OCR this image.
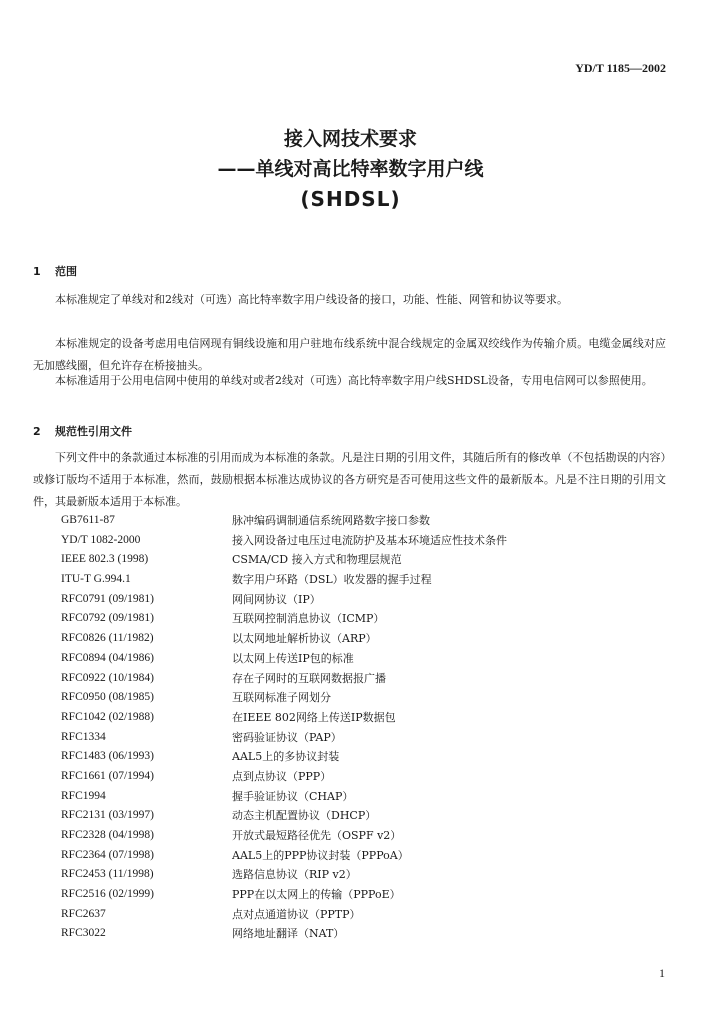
YD/T 1185—2002
接入网技术要求
——单线对高比特率数字用户线
(SHDSL)
1 范围

本标准规定了单线对和2线对（可选）高比特率数字用户线设备的接口，功能、性能、网管和协议等要求。

本标准规定的设备考虑用电信网现有铜线设施和用户驻地布线系统中混合线规定的金属双绞线作为传输介质。电缆金属线对应无加感线圈，但允许存在桥接抽头。

本标准适用于公用电信网中使用的单线对或者2线对（可选）高比特率数字用户线SHDSL设备，专用电信网可以参照使用。

2 规范性引用文件

下列文件中的条款通过本标准的引用而成为本标准的条款。凡是注日期的引用文件，其随后所有的修改单（不包括勘误的内容）或修订版均不适用于本标准，然而，鼓励根据本标准达成协议的各方研究是否可使用这些文件的最新版本。凡是不注日期的引用文件，其最新版本适用于本标准。

GB7611-87	脉冲编码调制通信系统网路数字接口参数
YD/T 1082-2000	接入网设备过电压过电流防护及基本环境适应性技术条件
IEEE 802.3 (1998)	CSMA/CD 接入方式和物理层规范
ITU-T G.994.1	数字用户环路（DSL）收发器的握手过程
RFC0791 (09/1981)	网间网协议（IP）
RFC0792 (09/1981)	互联网控制消息协议（ICMP）
RFC0826 (11/1982)	以太网地址解析协议（ARP）
RFC0894 (04/1986)	以太网上传送IP包的标准
RFC0922 (10/1984)	存在子网时的互联网数据报广播
RFC0950 (08/1985)	互联网标准子网划分
RFC1042 (02/1988)	在IEEE 802网络上传送IP数据包
RFC1334	密码验证协议（PAP）
RFC1483 (06/1993)	AAL5上的多协议封装
RFC1661 (07/1994)	点到点协议（PPP）
RFC1994	握手验证协议（CHAP）
RFC2131 (03/1997)	动态主机配置协议（DHCP）
RFC2328 (04/1998)	开放式最短路径优先（OSPF v2）
RFC2364 (07/1998)	AAL5上的PPP协议封装（PPPoA）
RFC2453 (11/1998)	选路信息协议（RIP v2）
RFC2516 (02/1999)	PPP在以太网上的传输（PPPoE）
RFC2637	点对点通道协议（PPTP）
RFC3022	网络地址翻译（NAT）
1
